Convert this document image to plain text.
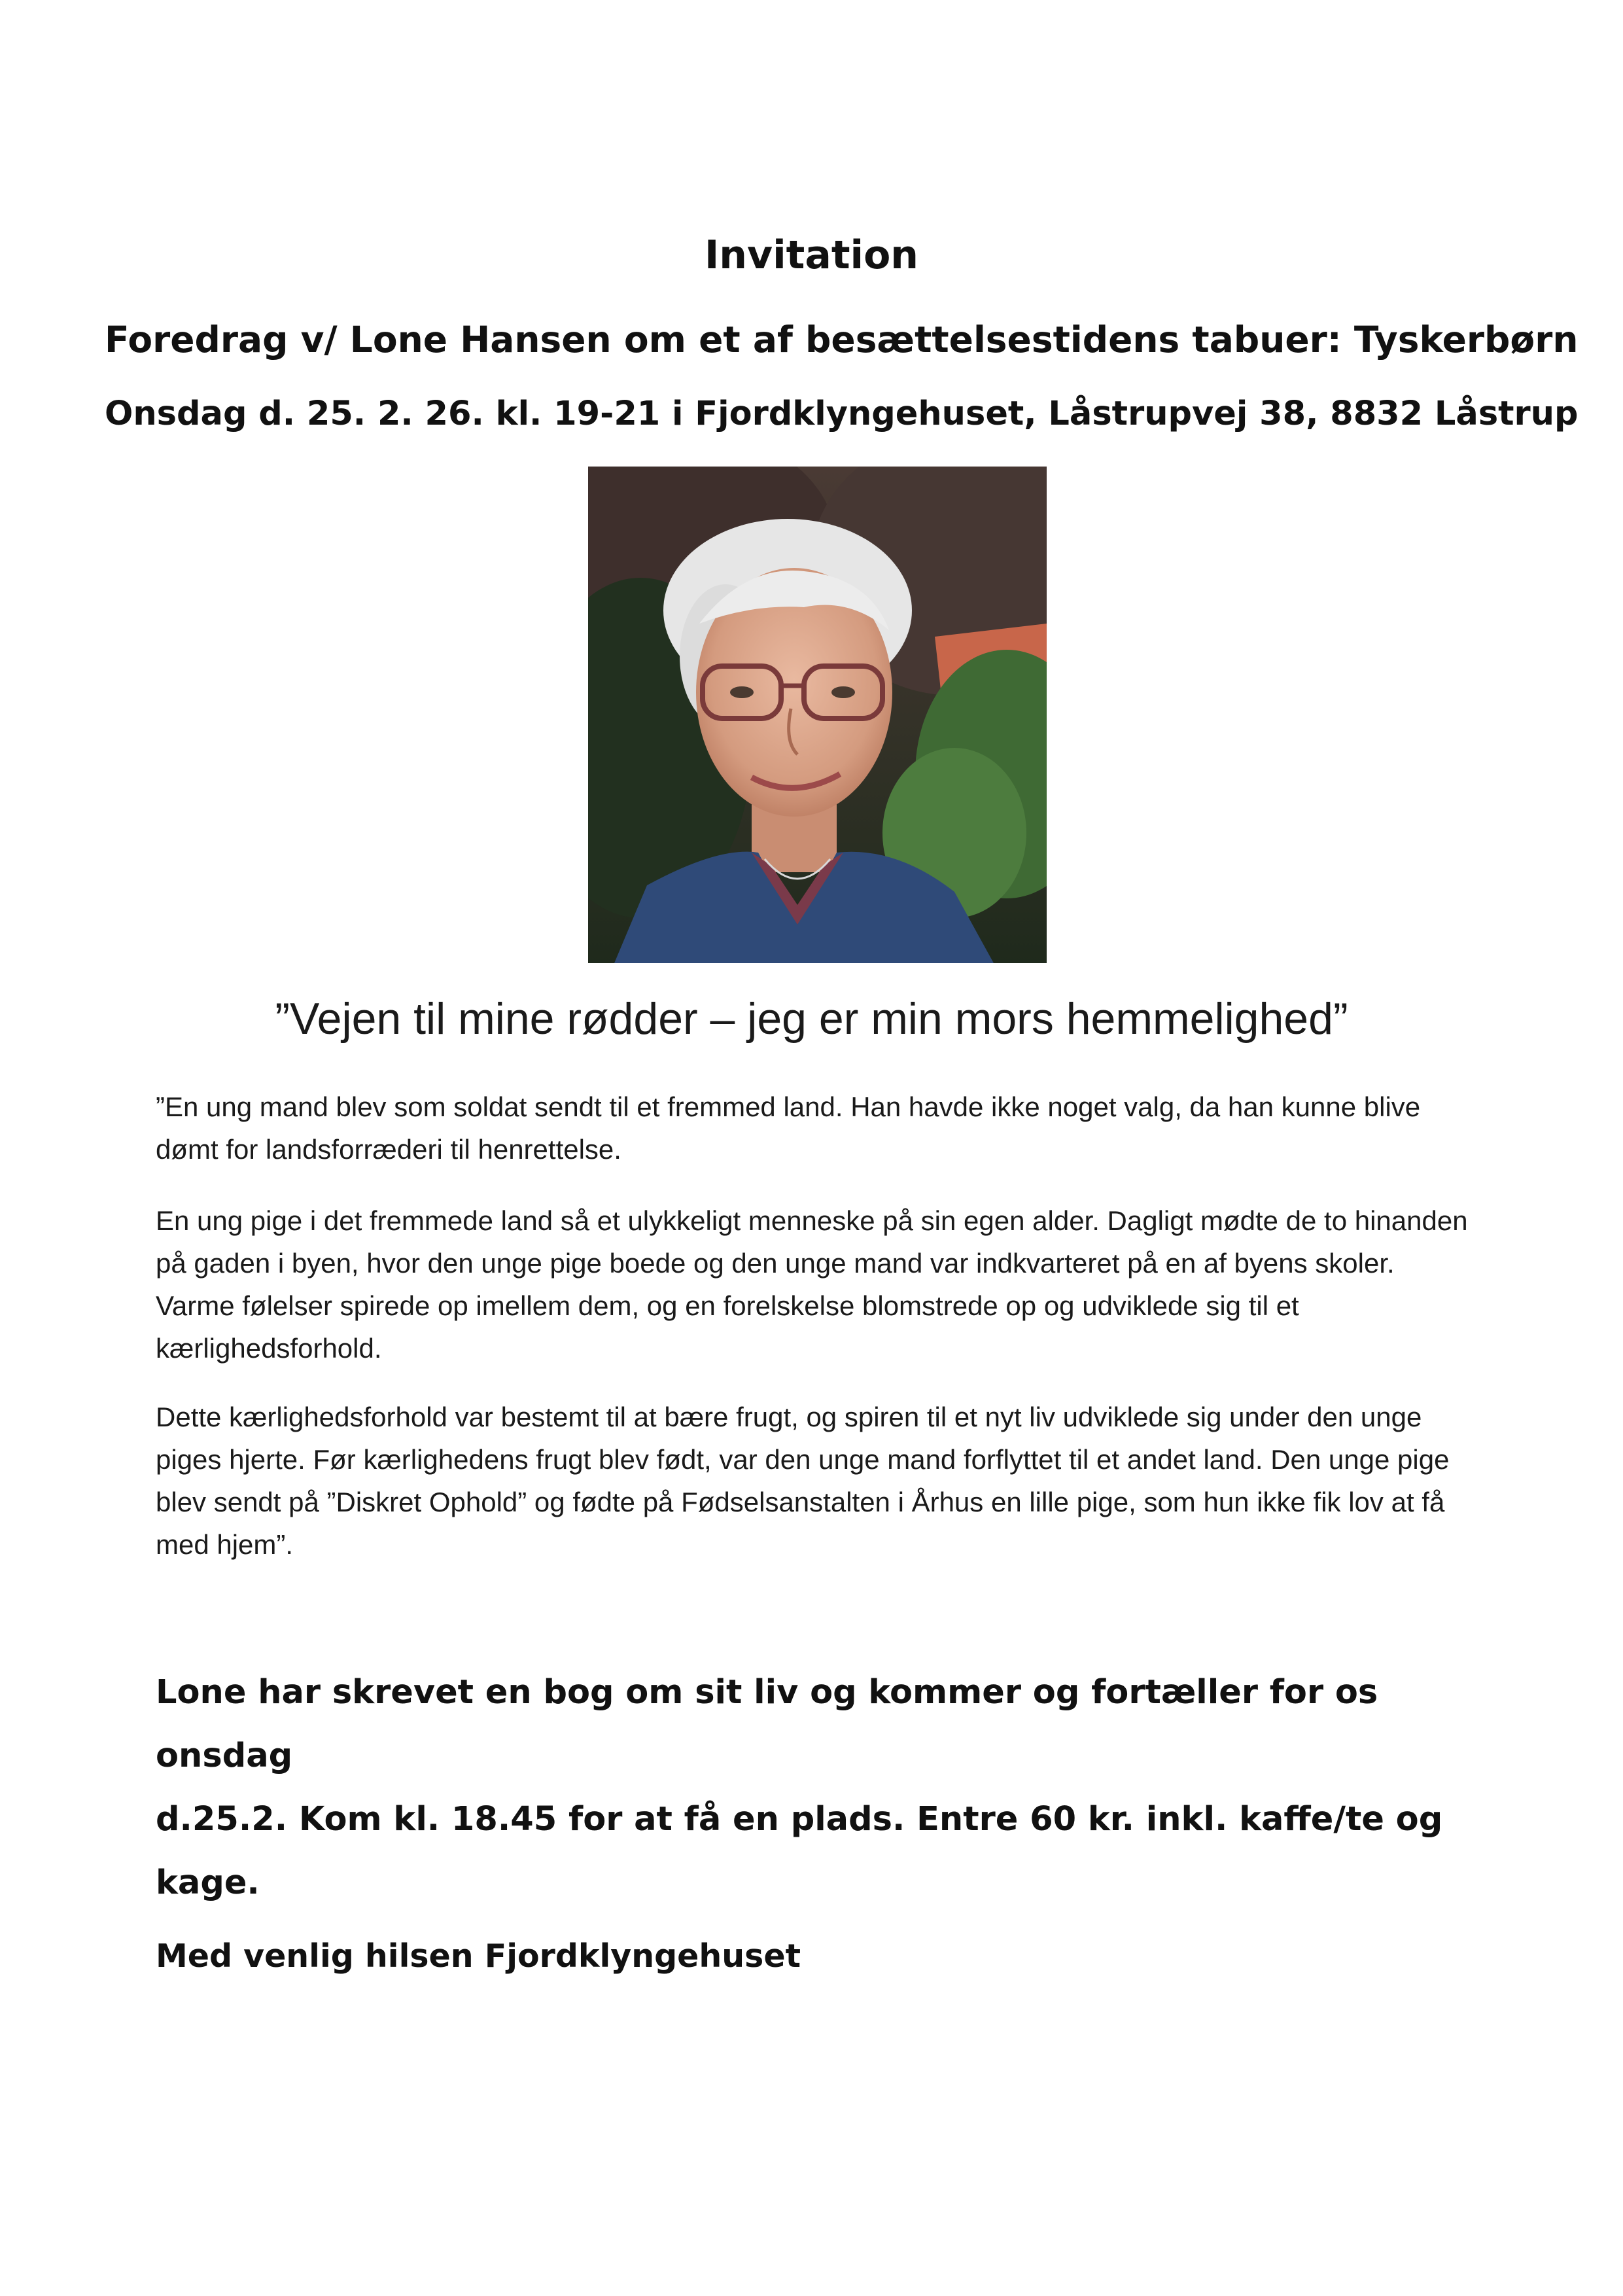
Invitation
Foredrag v/ Lone Hansen om et af besættelsestidens tabuer: Tyskerbørn
Onsdag d. 25. 2. 26. kl. 19-21 i Fjordklyngehuset, Låstrupvej 38, 8832 Låstrup
”Vejen til mine rødder – jeg er min mors hemmelighed”

”En ung mand blev som soldat sendt til et fremmed land. Han havde ikke noget valg, da han kunne blive
dømt for landsforræderi til henrettelse.

En ung pige i det fremmede land så et ulykkeligt menneske på sin egen alder. Dagligt mødte de to hinanden
på gaden i byen, hvor den unge pige boede og den unge mand var indkvarteret på en af byens skoler.
Varme følelser spirede op imellem dem, og en forelskelse blomstrede op og udviklede sig til et
kærlighedsforhold.

Dette kærlighedsforhold var bestemt til at bære frugt, og spiren til et nyt liv udviklede sig under den unge
piges hjerte. Før kærlighedens frugt blev født, var den unge mand forflyttet til et andet land. Den unge pige
blev sendt på ”Diskret Ophold” og fødte på Fødselsanstalten i Århus en lille pige, som hun ikke fik lov at få
med hjem”.

Lone har skrevet en bog om sit liv og kommer og fortæller for os onsdag
d.25.2. Kom kl. 18.45 for at få en plads. Entre 60 kr. inkl. kaffe/te og kage.

Med venlig hilsen Fjordklyngehuset
